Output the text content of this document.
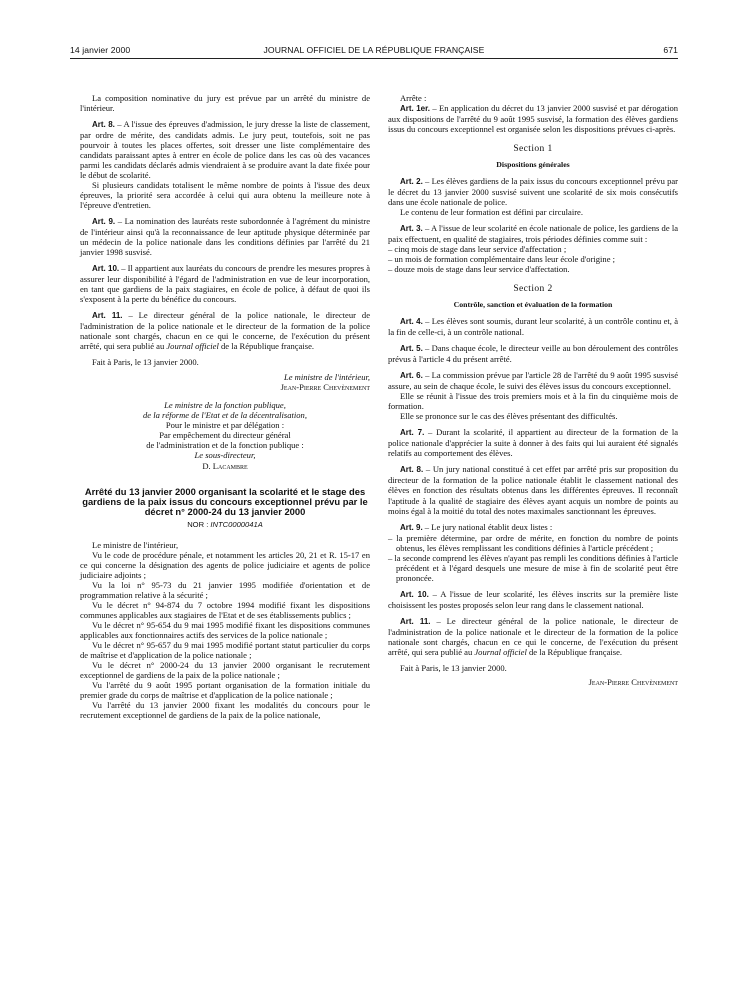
14 janvier 2000	JOURNAL OFFICIEL DE LA RÉPUBLIQUE FRANÇAISE	671

La composition nominative du jury est prévue par un arrêté du ministre de l'intérieur.

Art. 8. – A l'issue des épreuves d'admission, le jury dresse la liste de classement, par ordre de mérite, des candidats admis. Le jury peut, toutefois, soit ne pas pourvoir à toutes les places offertes, soit dresser une liste complémentaire des candidats paraissant aptes à entrer en école de police dans les cas où des vacances parmi les candidats déclarés admis viendraient à se produire avant la date fixée pour le début de scolarité.

Si plusieurs candidats totalisent le même nombre de points à l'issue des deux épreuves, la priorité sera accordée à celui qui aura obtenu la meilleure note à l'épreuve d'entretien.

Art. 9. – La nomination des lauréats reste subordonnée à l'agrément du ministre de l'intérieur ainsi qu'à la reconnaissance de leur aptitude physique déterminée par un médecin de la police nationale dans les conditions définies par l'arrêté du 21 janvier 1998 susvisé.

Art. 10. – Il appartient aux lauréats du concours de prendre les mesures propres à assurer leur disponibilité à l'égard de l'administration en vue de leur incorporation, en tant que gardiens de la paix stagiaires, en école de police, à défaut de quoi ils s'exposent à la perte du bénéfice du concours.

Art. 11. – Le directeur général de la police nationale, le directeur de l'administration de la police nationale et le directeur de la formation de la police nationale sont chargés, chacun en ce qui le concerne, de l'exécution du présent arrêté, qui sera publié au Journal officiel de la République française.

Fait à Paris, le 13 janvier 2000.

Le ministre de l'intérieur,
Jean-Pierre Chevènement
Le ministre de la fonction publique,
de la réforme de l'Etat et de la décentralisation,
Pour le ministre et par délégation :
Par empêchement du directeur général
de l'administration et de la fonction publique :
Le sous-directeur,
D. Lacambre
Arrêté du 13 janvier 2000 organisant la scolarité et le stage des gardiens de la paix issus du concours exceptionnel prévu par le décret n° 2000-24 du 13 janvier 2000
NOR : INTC0000041A

Le ministre de l'intérieur,

Vu le code de procédure pénale, et notamment les articles 20, 21 et R. 15-17 en ce qui concerne la désignation des agents de police judiciaire et agents de police judiciaire adjoints ;

Vu la loi n° 95-73 du 21 janvier 1995 modifiée d'orientation et de programmation relative à la sécurité ;

Vu le décret n° 94-874 du 7 octobre 1994 modifié fixant les dispositions communes applicables aux stagiaires de l'Etat et de ses établissements publics ;

Vu le décret n° 95-654 du 9 mai 1995 modifié fixant les dispositions communes applicables aux fonctionnaires actifs des services de la police nationale ;

Vu le décret n° 95-657 du 9 mai 1995 modifié portant statut particulier du corps de maîtrise et d'application de la police nationale ;

Vu le décret n° 2000-24 du 13 janvier 2000 organisant le recrutement exceptionnel de gardiens de la paix de la police nationale ;

Vu l'arrêté du 9 août 1995 portant organisation de la formation initiale du premier grade du corps de maîtrise et d'application de la police nationale ;

Vu l'arrêté du 13 janvier 2000 fixant les modalités du concours pour le recrutement exceptionnel de gardiens de la paix de la police nationale,

Arrête :

Art. 1er. – En application du décret du 13 janvier 2000 susvisé et par dérogation aux dispositions de l'arrêté du 9 août 1995 susvisé, la formation des élèves gardiens issus du concours exceptionnel est organisée selon les dispositions prévues ci-après.

Section 1
Dispositions générales

Art. 2. – Les élèves gardiens de la paix issus du concours exceptionnel prévu par le décret du 13 janvier 2000 susvisé suivent une scolarité de six mois consécutifs dans une école nationale de police.

Le contenu de leur formation est défini par circulaire.

Art. 3. – A l'issue de leur scolarité en école nationale de police, les gardiens de la paix effectuent, en qualité de stagiaires, trois périodes définies comme suit :

– cinq mois de stage dans leur service d'affectation ;

– un mois de formation complémentaire dans leur école d'origine ;

– douze mois de stage dans leur service d'affectation.

Section 2
Contrôle, sanction et évaluation de la formation

Art. 4. – Les élèves sont soumis, durant leur scolarité, à un contrôle continu et, à la fin de celle-ci, à un contrôle national.

Art. 5. – Dans chaque école, le directeur veille au bon déroulement des contrôles prévus à l'article 4 du présent arrêté.

Art. 6. – La commission prévue par l'article 28 de l'arrêté du 9 août 1995 susvisé assure, au sein de chaque école, le suivi des élèves issus du concours exceptionnel.

Elle se réunit à l'issue des trois premiers mois et à la fin du cinquième mois de formation.

Elle se prononce sur le cas des élèves présentant des difficultés.

Art. 7. – Durant la scolarité, il appartient au directeur de la formation de la police nationale d'apprécier la suite à donner à des faits qui lui auraient été signalés relatifs au comportement des élèves.

Art. 8. – Un jury national constitué à cet effet par arrêté pris sur proposition du directeur de la formation de la police nationale établit le classement national des élèves en fonction des résultats obtenus dans les différentes épreuves. Il reconnaît l'aptitude à la qualité de stagiaire des élèves ayant acquis un nombre de points au moins égal à la moitié du total des notes maximales sanctionnant les épreuves.

Art. 9. – Le jury national établit deux listes :

– la première détermine, par ordre de mérite, en fonction du nombre de points obtenus, les élèves remplissant les conditions définies à l'article précédent ;

– la seconde comprend les élèves n'ayant pas rempli les conditions définies à l'article précédent et à l'égard desquels une mesure de mise à fin de scolarité peut être prononcée.

Art. 10. – A l'issue de leur scolarité, les élèves inscrits sur la première liste choisissent les postes proposés selon leur rang dans le classement national.

Art. 11. – Le directeur général de la police nationale, le directeur de l'administration de la police nationale et le directeur de la formation de la police nationale sont chargés, chacun en ce qui le concerne, de l'exécution du présent arrêté, qui sera publié au Journal officiel de la République française.

Fait à Paris, le 13 janvier 2000.

Jean-Pierre Chevènement
